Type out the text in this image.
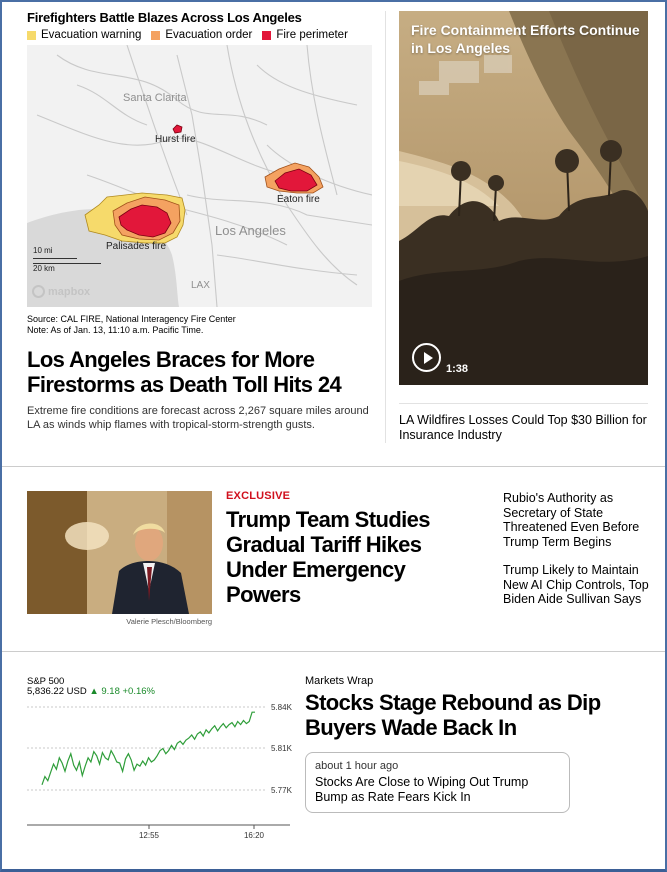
Firefighters Battle Blazes Across Los Angeles
Evacuation warning Evacuation order Fire perimeter
Santa Clarita
Los Angeles
LAX
Hurst fire
Eaton fire
Palisades fire
10 mi
20 km
mapbox
Source: CAL FIRE, National Interagency Fire Center
Note: As of Jan. 13, 11:10 a.m. Pacific Time.
Los Angeles Braces for More Firestorms as Death Toll Hits 24
Extreme fire conditions are forecast across 2,267 square miles around LA as winds whip flames with tropical-storm-strength gusts.
Fire Containment Efforts Continue in Los Angeles
1:38
LA Wildfires Losses Could Top $30 Billion for Insurance Industry
Valerie Plesch/Bloomberg
EXCLUSIVE
Trump Team Studies Gradual Tariff Hikes Under Emergency Powers
Rubio's Authority as Secretary of State Threatened Even Before Trump Term Begins
Trump Likely to Maintain New AI Chip Controls, Top Biden Aide Sullivan Says
S&P 500
5,836.22 USD ▲ 9.18 +0.16%
5.84K
5.81K
5.77K
12:55	16:20
Markets Wrap
Stocks Stage Rebound as Dip Buyers Wade Back In
about 1 hour ago
Stocks Are Close to Wiping Out Trump Bump as Rate Fears Kick In
